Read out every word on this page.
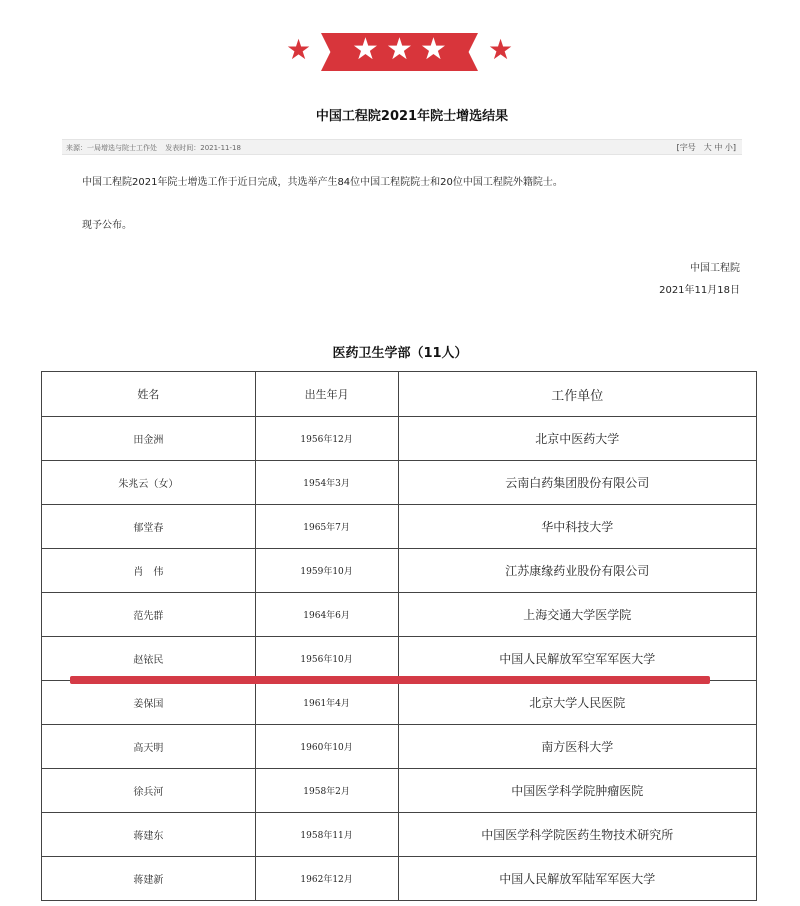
★ ★ ★ ★ ★
中国工程院2021年院士增选结果
来源：一局增选与院士工作处 发表时间：2021-11-18	[字号　大 中 小]
中国工程院2021年院士增选工作于近日完成，共选举产生84位中国工程院院士和20位中国工程院外籍院士。
现予公布。
中国工程院
2021年11月18日
医药卫生学部（11人）
姓名	出生年月	工作单位
田金洲	1956年12月	北京中医药大学
朱兆云（女）	1954年3月	云南白药集团股份有限公司
郁堂春	1965年7月	华中科技大学
肖　伟	1959年10月	江苏康缘药业股份有限公司
范先群	1964年6月	上海交通大学医学院
赵铱民	1956年10月	中国人民解放军空军军医大学
姜保国	1961年4月	北京大学人民医院
高天明	1960年10月	南方医科大学
徐兵河	1958年2月	中国医学科学院肿瘤医院
蒋建东	1958年11月	中国医学科学院医药生物技术研究所
蒋建新	1962年12月	中国人民解放军陆军军医大学
